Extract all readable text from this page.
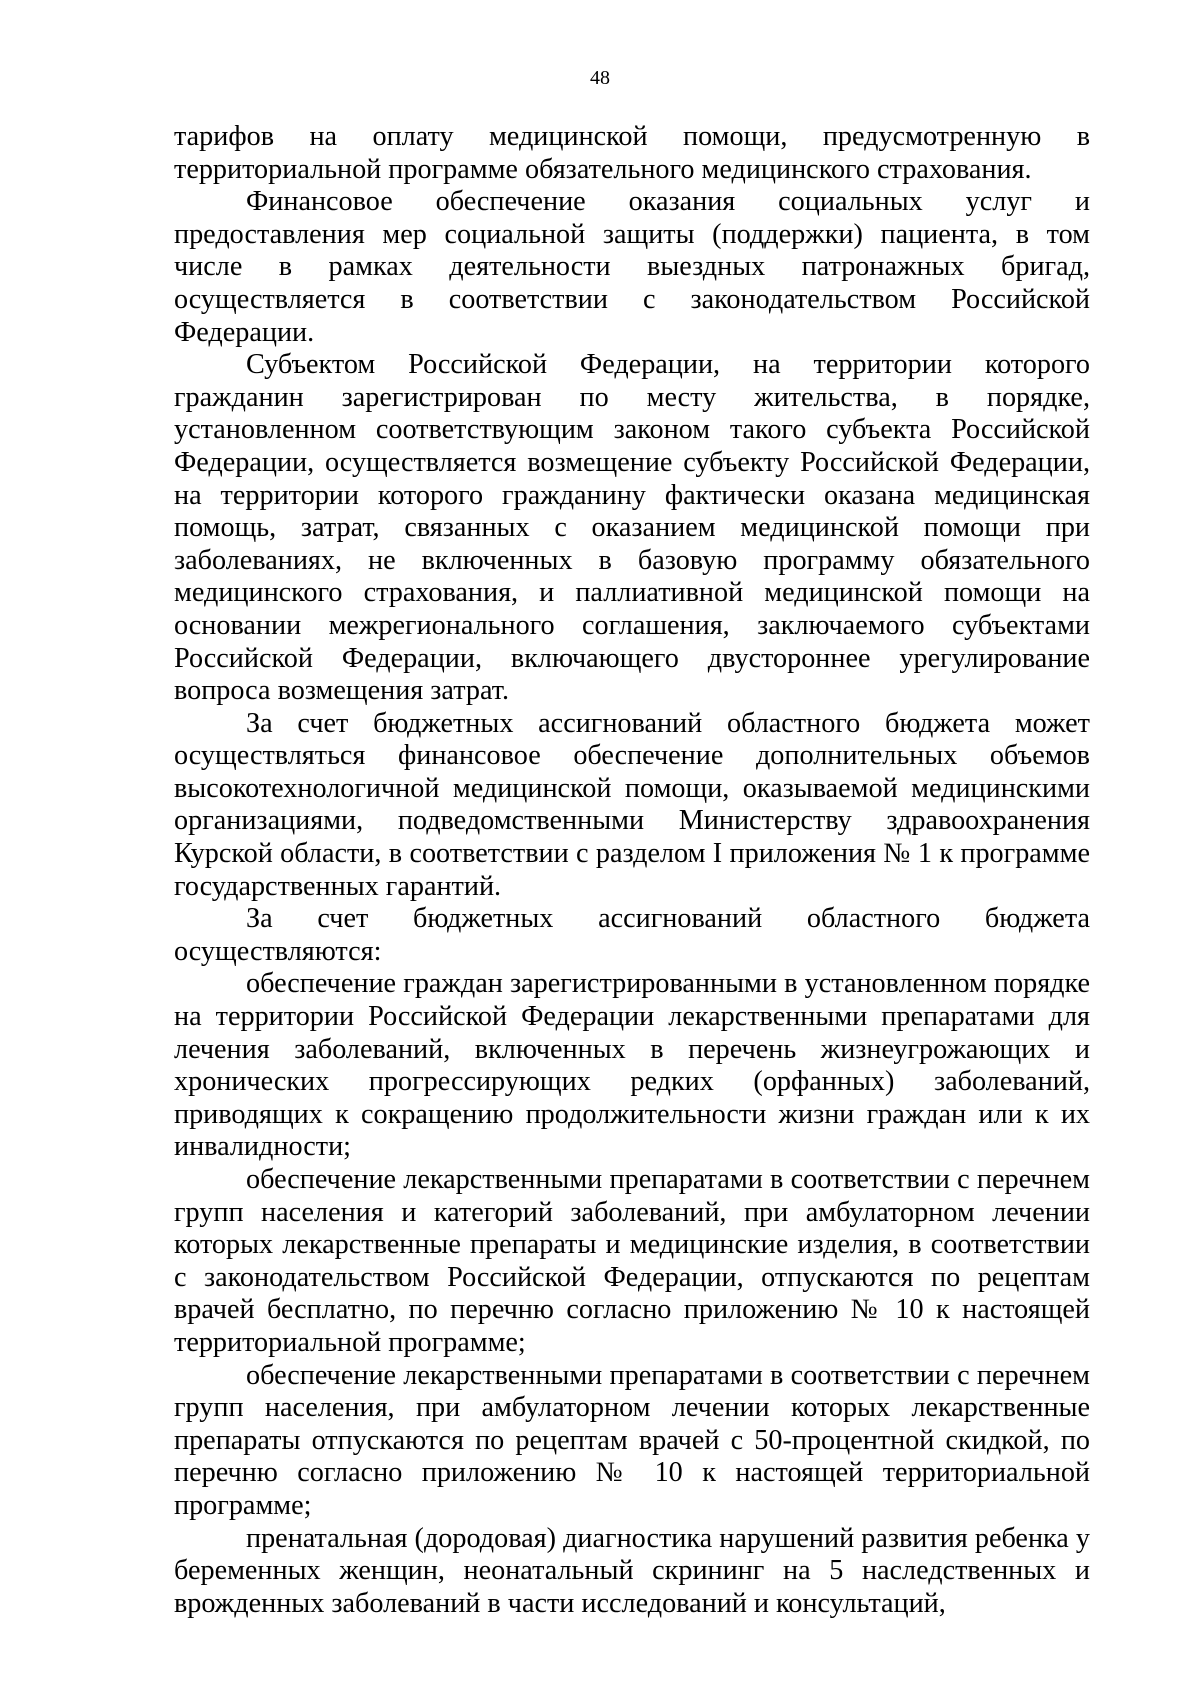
48

тарифов на оплату медицинской помощи, предусмотренную в территориальной программе обязательного медицинского страхования.

Финансовое обеспечение оказания социальных услуг и предоставления мер социальной защиты (поддержки) пациента, в том числе в рамках деятельности выездных патронажных бригад, осуществляется в соответствии с законодательством Российской Федерации.

Субъектом Российской Федерации, на территории которого гражданин зарегистрирован по месту жительства, в порядке, установленном соответствующим законом такого субъекта Российской Федерации, осуществляется возмещение субъекту Российской Федерации, на территории которого гражданину фактически оказана медицинская помощь, затрат, связанных с оказанием медицинской помощи при заболеваниях, не включенных в базовую программу обязательного медицинского страхования, и паллиативной медицинской помощи на основании межрегионального соглашения, заключаемого субъектами Российской Федерации, включающего двустороннее урегулирование вопроса возмещения затрат.

За счет бюджетных ассигнований областного бюджета может осуществляться финансовое обеспечение дополнительных объемов высокотехнологичной медицинской помощи, оказываемой медицинскими организациями, подведомственными Министерству здравоохранения Курской области, в соответствии с разделом I приложения № 1 к программе государственных гарантий.

За счет бюджетных ассигнований областного бюджета осуществляются:

обеспечение граждан зарегистрированными в установленном порядке на территории Российской Федерации лекарственными препаратами для лечения заболеваний, включенных в перечень жизнеугрожающих и хронических прогрессирующих редких (орфанных) заболеваний, приводящих к сокращению продолжительности жизни граждан или к их инвалидности;

обеспечение лекарственными препаратами в соответствии с перечнем групп населения и категорий заболеваний, при амбулаторном лечении которых лекарственные препараты и медицинские изделия, в соответствии с законодательством Российской Федерации, отпускаются по рецептам врачей бесплатно, по перечню согласно приложению № 10 к настоящей территориальной программе;

обеспечение лекарственными препаратами в соответствии с перечнем групп населения, при амбулаторном лечении которых лекарственные препараты отпускаются по рецептам врачей с 50-процентной скидкой, по перечню согласно приложению № 10 к настоящей территориальной программе;

пренатальная (дородовая) диагностика нарушений развития ребенка у беременных женщин, неонатальный скрининг на 5 наследственных и врожденных заболеваний в части исследований и консультаций,
